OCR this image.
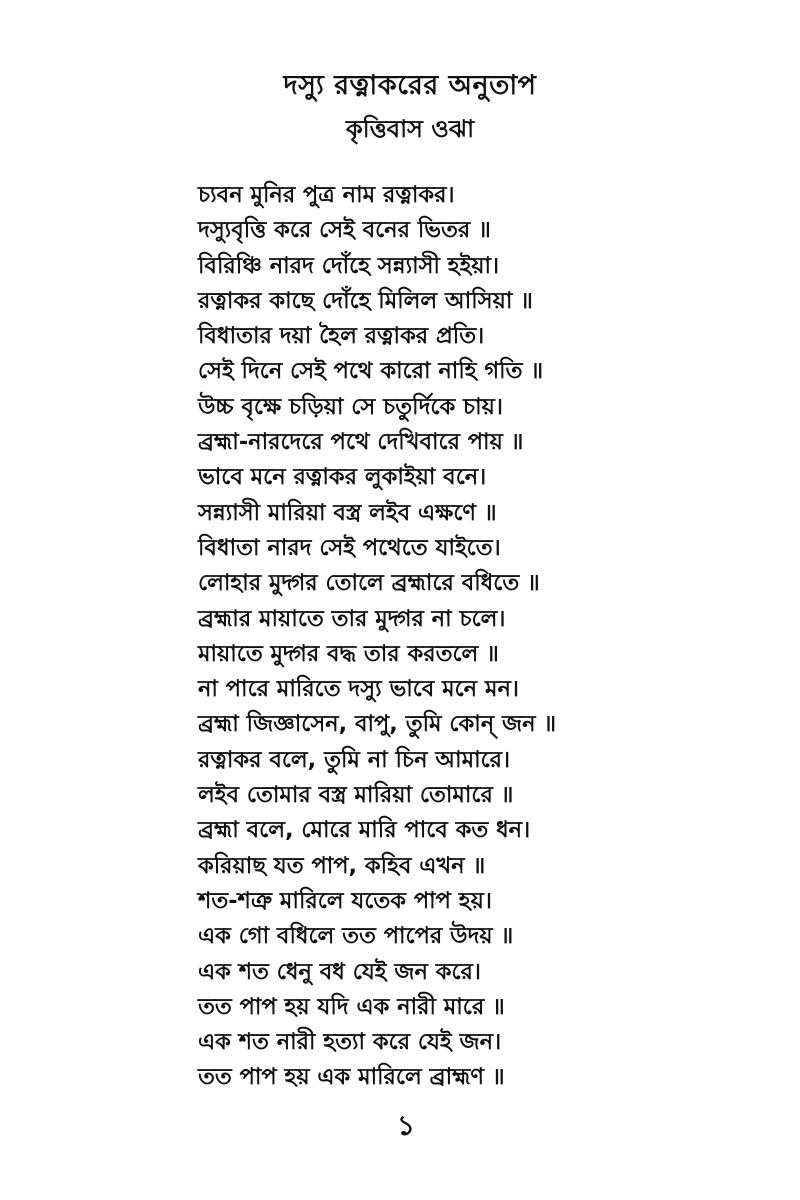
দস্যু রত্নাকরের অনুতাপ
কৃত্তিবাস ওঝা
চ্যবন মুনির পুত্র নাম রত্নাকর।
দস্যুবৃত্তি করে সেই বনের ভিতর ॥
বিরিঞ্চি নারদ দোঁহে সন্ন্যাসী হইয়া।
রত্নাকর কাছে দোঁহে মিলিল আসিয়া ॥
বিধাতার দয়া হৈল রত্নাকর প্রতি।
সেই দিনে সেই পথে কারো নাহি গতি ॥
উচ্চ বৃক্ষে চড়িয়া সে চতুর্দিকে চায়।
ব্রহ্মা-নারদেরে পথে দেখিবারে পায় ॥
ভাবে মনে রত্নাকর লুকাইয়া বনে।
সন্ন্যাসী মারিয়া বস্ত্র লইব এক্ষণে ॥
বিধাতা নারদ সেই পথেতে যাইতে।
লোহার মুদ্গর তোলে ব্রহ্মারে বধিতে ॥
ব্রহ্মার মায়াতে তার মুদ্গর না চলে।
মায়াতে মুদ্গর বদ্ধ তার করতলে ॥
না পারে মারিতে দস্যু ভাবে মনে মন।
ব্রহ্মা জিজ্ঞাসেন, বাপু, তুমি কোন্ জন ॥
রত্নাকর বলে, তুমি না চিন আমারে।
লইব তোমার বস্ত্র মারিয়া তোমারে ॥
ব্রহ্মা বলে, মোরে মারি পাবে কত ধন।
করিয়াছ যত পাপ, কহিব এখন ॥
শত-শত্রু মারিলে যতেক পাপ হয়।
এক গো বধিলে তত পাপের উদয় ॥
এক শত ধেনু বধ যেই জন করে।
তত পাপ হয় যদি এক নারী মারে ॥
এক শত নারী হত্যা করে যেই জন।
তত পাপ হয় এক মারিলে ব্রাহ্মণ ॥
১
